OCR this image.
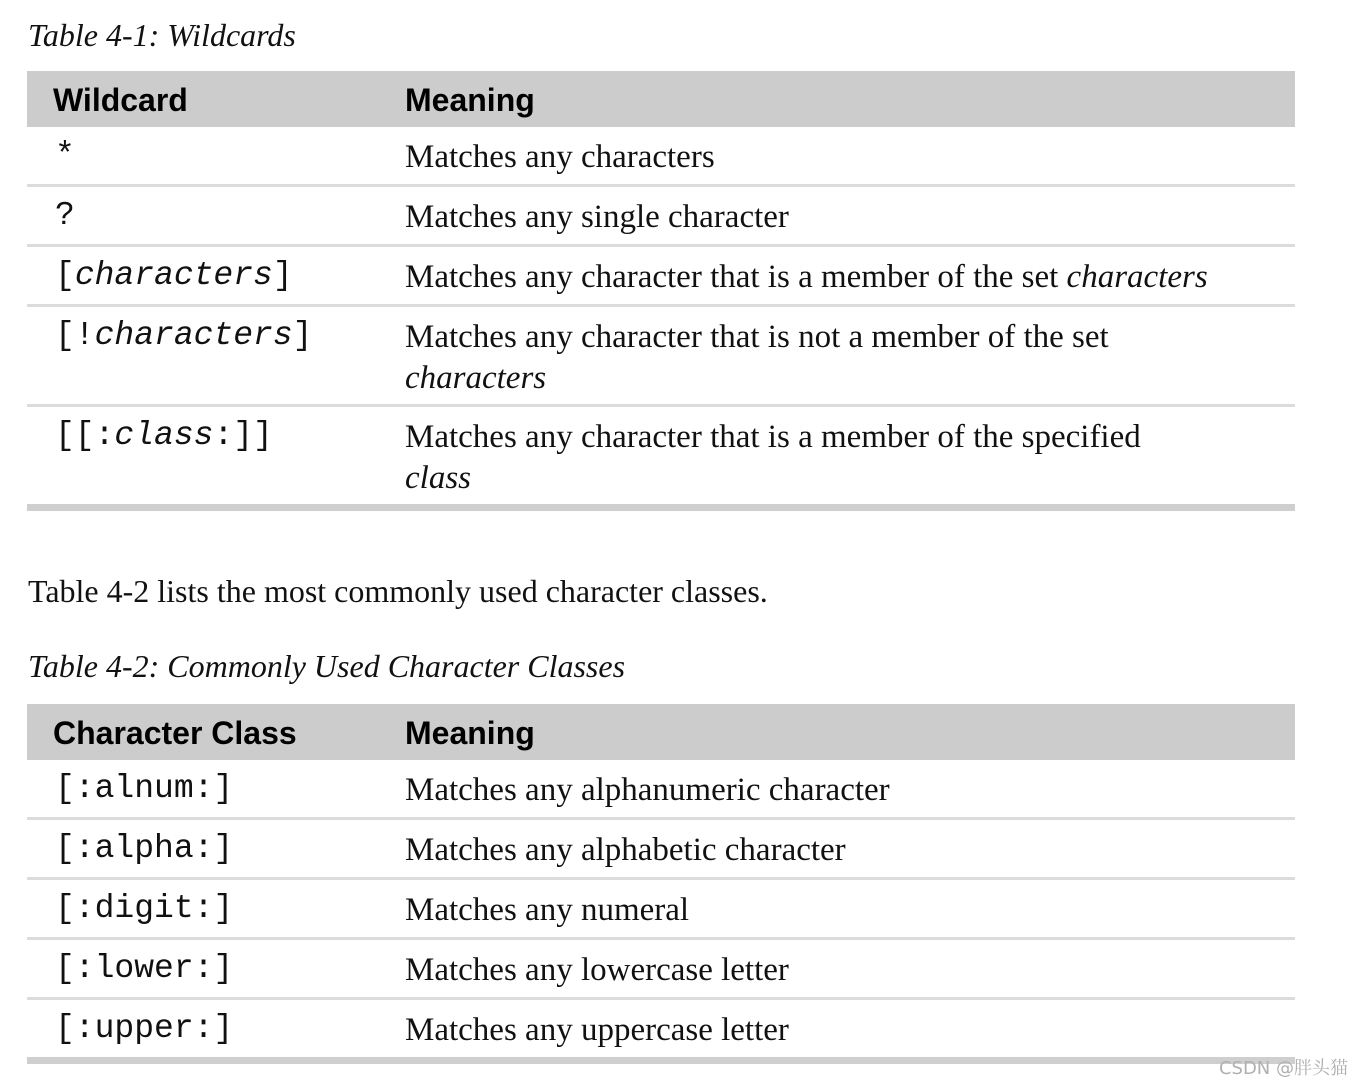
Table 4-1: Wildcards
Wildcard	Meaning
*	Matches any characters
?	Matches any single character
[characters]	Matches any character that is a member of the set characters
[!characters]	Matches any character that is not a member of the set
characters
[[:class:]]	Matches any character that is a member of the specified
class
Table 4-2 lists the most commonly used character classes.
Table 4-2: Commonly Used Character Classes
Character Class	Meaning
[:alnum:]	Matches any alphanumeric character
[:alpha:]	Matches any alphabetic character
[:digit:]	Matches any numeral
[:lower:]	Matches any lowercase letter
[:upper:]	Matches any uppercase letter
CSDN @胖头猫
